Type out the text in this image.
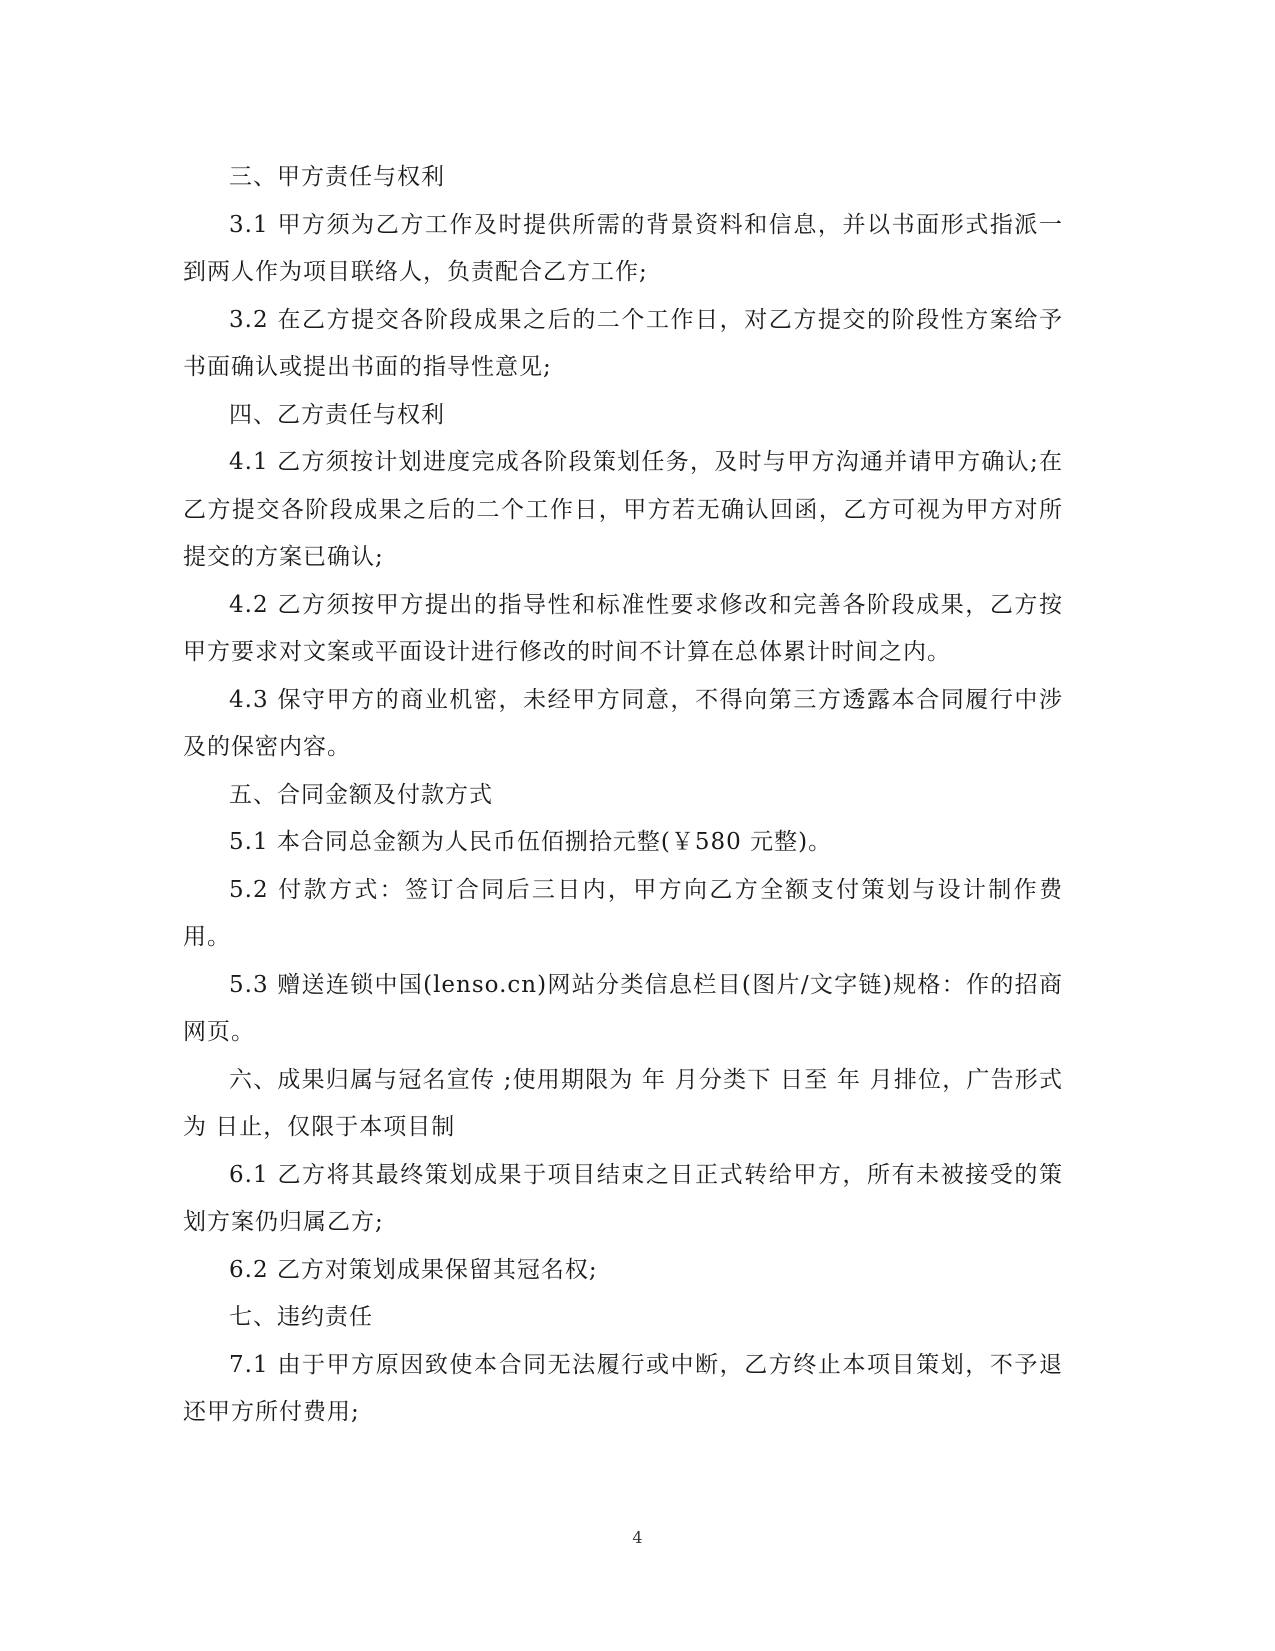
三、甲方责任与权利

3.1 甲方须为乙方工作及时提供所需的背景资料和信息，并以书面形式指派一到两人作为项目联络人，负责配合乙方工作;

3.2 在乙方提交各阶段成果之后的二个工作日，对乙方提交的阶段性方案给予书面确认或提出书面的指导性意见;

四、乙方责任与权利

4.1 乙方须按计划进度完成各阶段策划任务，及时与甲方沟通并请甲方确认;在乙方提交各阶段成果之后的二个工作日，甲方若无确认回函，乙方可视为甲方对所提交的方案已确认;

4.2 乙方须按甲方提出的指导性和标准性要求修改和完善各阶段成果，乙方按甲方要求对文案或平面设计进行修改的时间不计算在总体累计时间之内。

4.3 保守甲方的商业机密，未经甲方同意，不得向第三方透露本合同履行中涉及的保密内容。

五、合同金额及付款方式

5.1 本合同总金额为人民币伍佰捌拾元整(￥580 元整)。

5.2 付款方式：签订合同后三日内，甲方向乙方全额支付策划与设计制作费用。

5.3 赠送连锁中国(lenso.cn)网站分类信息栏目(图片/文字链)规格：作的招商网页。

六、成果归属与冠名宣传 ;使用期限为 年 月分类下 日至 年 月排位，广告形式为 日止，仅限于本项目制

6.1 乙方将其最终策划成果于项目结束之日正式转给甲方，所有未被接受的策划方案仍归属乙方;

6.2 乙方对策划成果保留其冠名权;

七、违约责任

7.1 由于甲方原因致使本合同无法履行或中断，乙方终止本项目策划，不予退还甲方所付费用;

4
